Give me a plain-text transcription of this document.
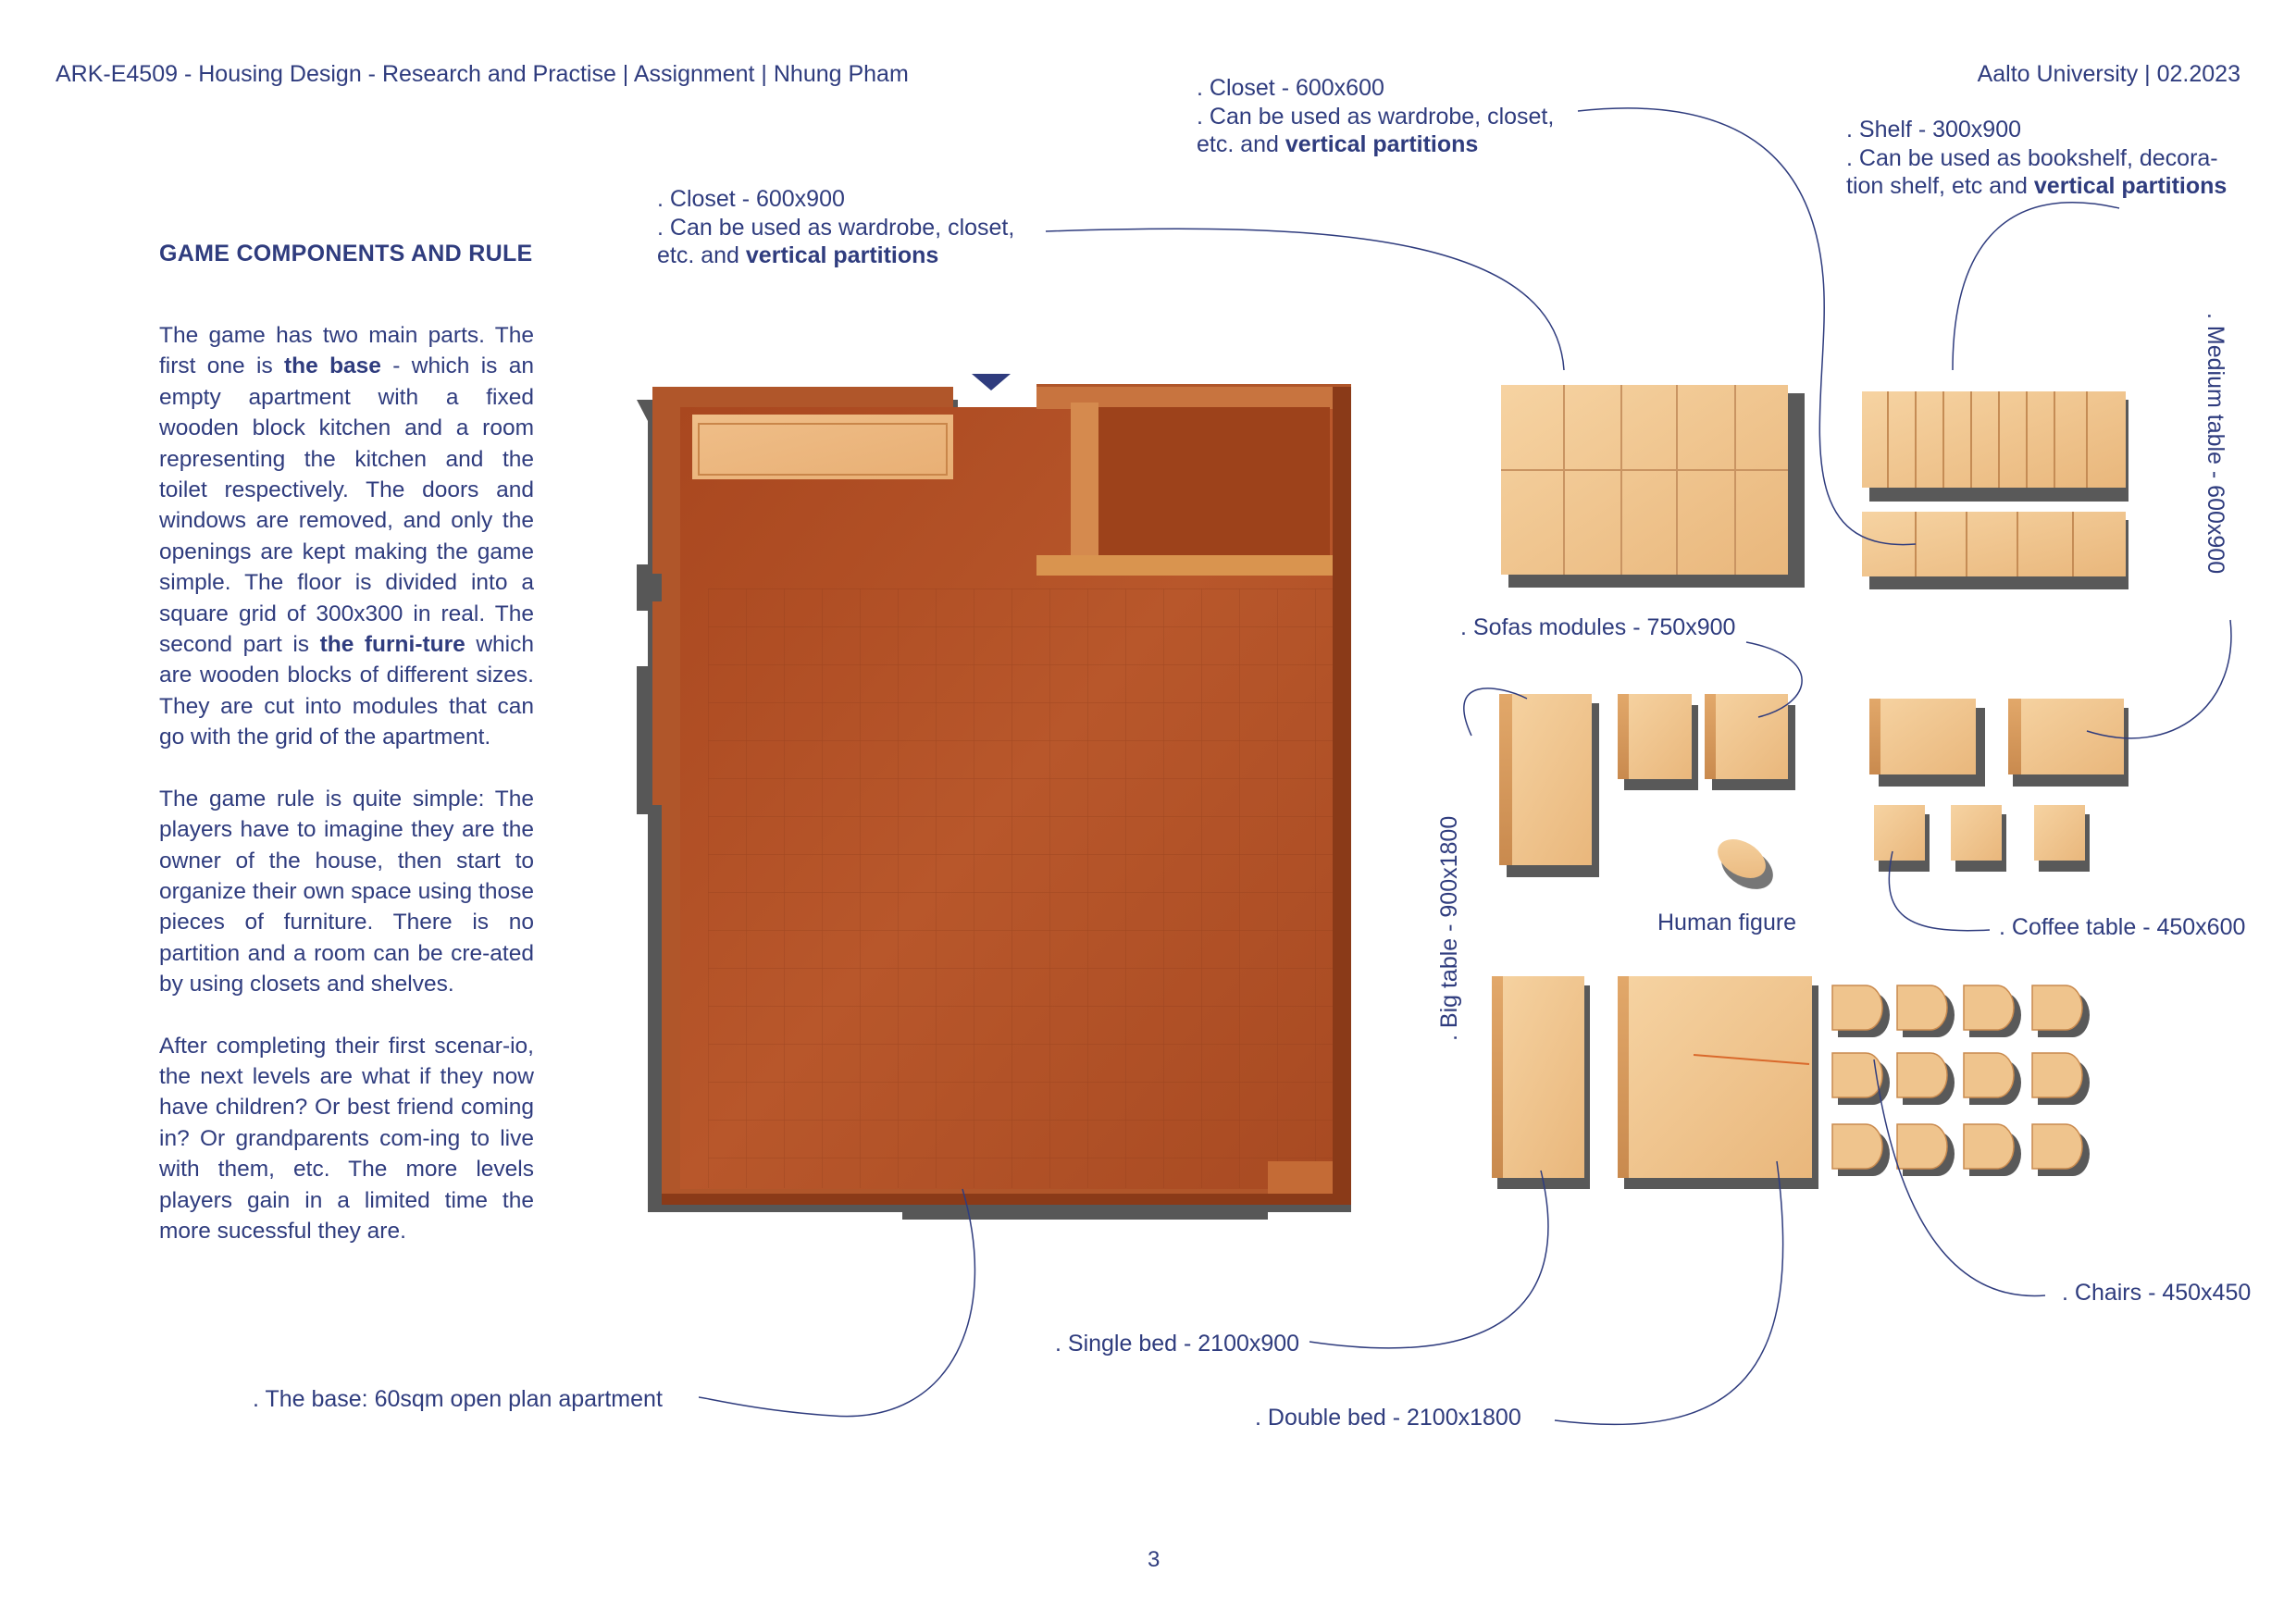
ARK-E4509 - Housing Design - Research and Practise | Assignment | Nhung Pham	Aalto University | 02.2023
GAME COMPONENTS AND RULE

The game has two main parts. The first one is the base - which is an empty apartment with a fixed wooden block kitchen and a room representing the kitchen and the toilet respectively. The doors and windows are removed, and only the openings are kept making the game simple. The floor is divided into a square grid of 300x300 in real. The second part is the furni-ture which are wooden blocks of different sizes. They are cut into modules that can go with the grid of the apartment.

The game rule is quite simple: The players have to imagine they are the owner of the house, then start to organize their own space using those pieces of furniture. There is no partition and a room can be cre-ated by using closets and shelves.

After completing their first scenar-io, the next levels are what if they now have children? Or best friend coming in? Or grandparents com-ing to live with them, etc. The more levels players gain in a limited time the more sucessful they are.

. Closet - 600x900
. Can be used as wardrobe, closet,
etc. and vertical partitions
. Closet - 600x600
. Can be used as wardrobe, closet,
etc. and vertical partitions
. Shelf - 300x900
. Can be used as bookshelf, decora-
tion shelf, etc and vertical partitions
. Medium table - 600x900
. Sofas modules - 750x900
. Big table - 900x1800	Human figure	. Coffee table - 450x600
. Chairs - 450x450
. Single bed - 2100x900
. Double bed - 2100x1800
. The base: 60sqm open plan apartment
3
